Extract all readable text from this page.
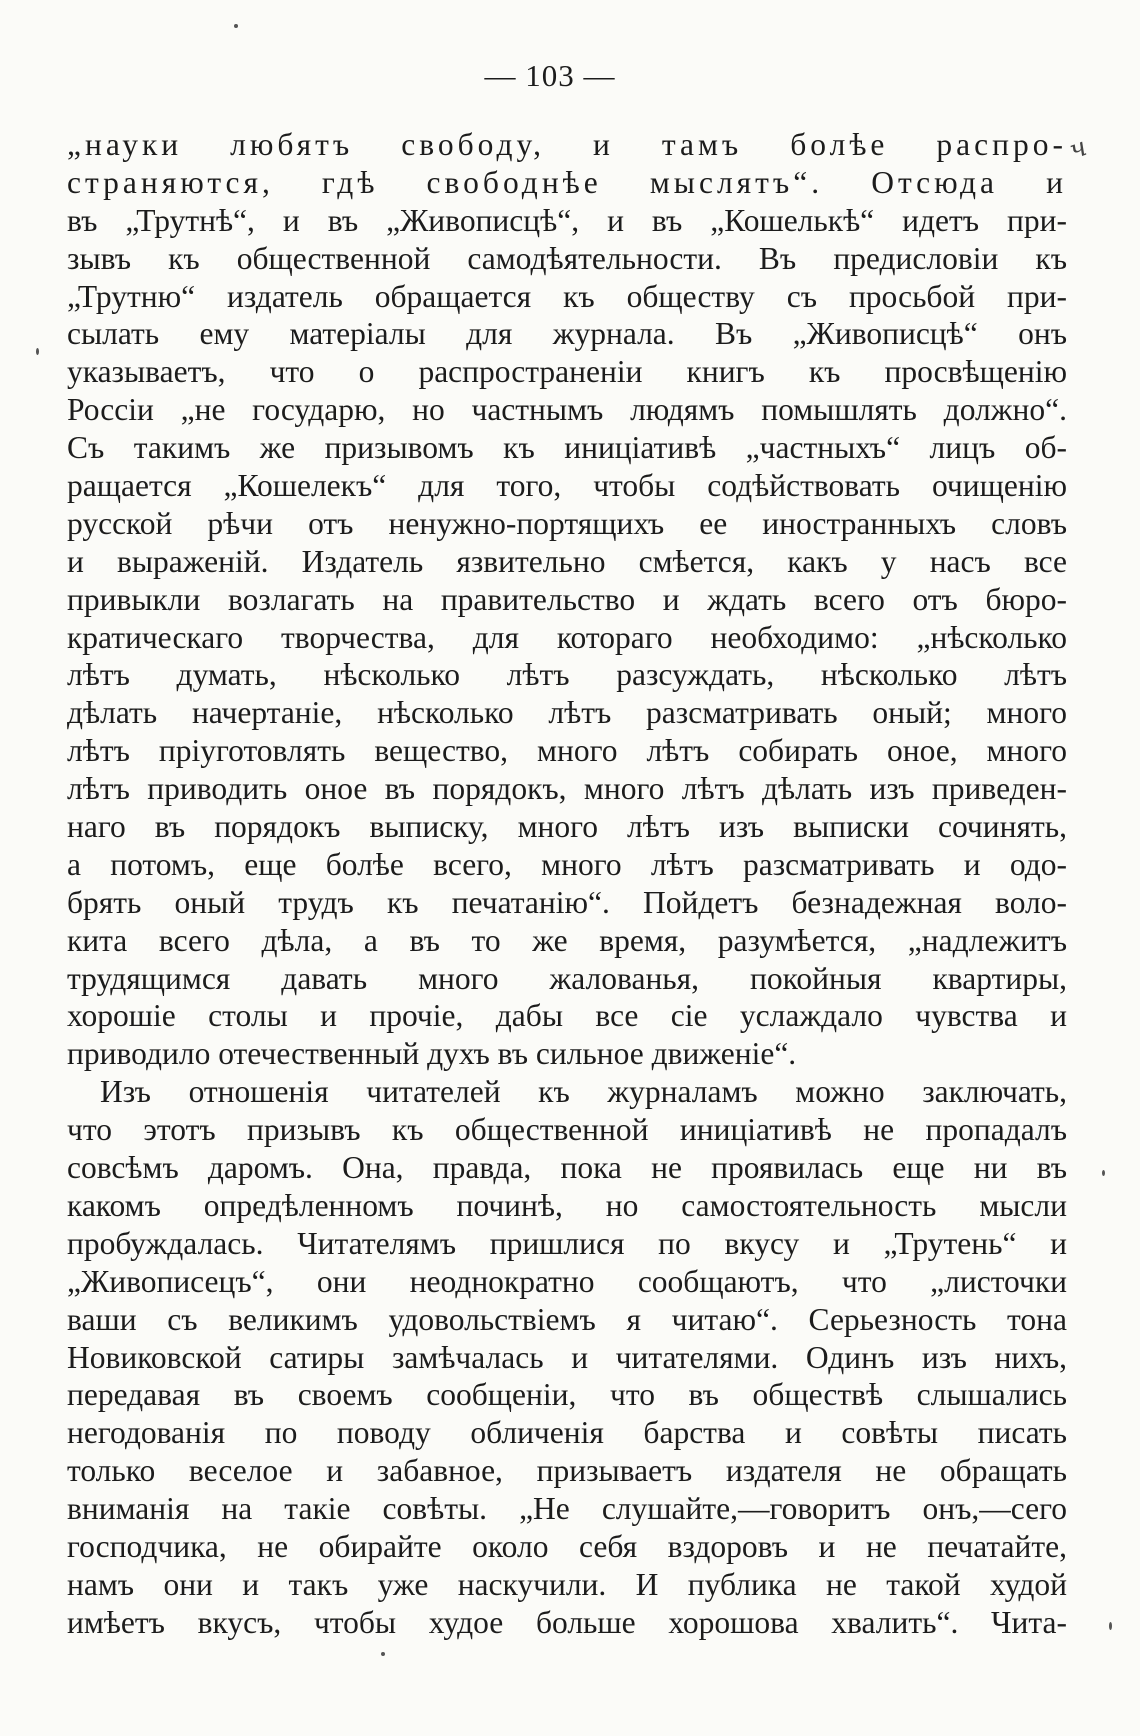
— 103 —
ч
„науки любятъ свободу, и тамъ болѣе распро-
страняются, гдѣ свободнѣе мыслятъ“. Отсюда и
въ „Трутнѣ“, и въ „Живописцѣ“, и въ „Кошелькѣ“ идетъ при-
зывъ къ общественной самодѣятельности. Въ предисловіи къ
„Трутню“ издатель обращается къ обществу съ просьбой при-
сылать ему матеріалы для журнала. Въ „Живописцѣ“ онъ
указываетъ, что о распространеніи книгъ къ просвѣщенію
Россіи „не государю, но частнымъ людямъ помышлять должно“.
Съ такимъ же призывомъ къ иниціативѣ „частныхъ“ лицъ об-
ращается „Кошелекъ“ для того, чтобы содѣйствовать очищенію
русской рѣчи отъ ненужно-портящихъ ее иностранныхъ словъ
и выраженій. Издатель язвительно смѣется, какъ у насъ все
привыкли возлагать на правительство и ждать всего отъ бюро-
кратическаго творчества, для котораго необходимо: „нѣсколько
лѣтъ думать, нѣсколько лѣтъ разсуждать, нѣсколько лѣтъ
дѣлать начертаніе, нѣсколько лѣтъ разсматривать оный; много
лѣтъ пріуготовлять вещество, много лѣтъ собирать оное, много
лѣтъ приводить оное въ порядокъ, много лѣтъ дѣлать изъ приведен-
наго въ порядокъ выписку, много лѣтъ изъ выписки сочинять,
а потомъ, еще болѣе всего, много лѣтъ разсматривать и одо-
брять оный трудъ къ печатанію“. Пойдетъ безнадежная воло-
кита всего дѣла, а въ то же время, разумѣется, „надлежитъ
трудящимся давать много жалованья, покойныя квартиры,
хорошіе столы и прочіе, дабы все сіе услаждало чувства и
приводило отечественный духъ въ сильное движеніе“.
Изъ отношенія читателей къ журналамъ можно заключать,
что этотъ призывъ къ общественной иниціативѣ не пропадалъ
совсѣмъ даромъ. Она, правда, пока не проявилась еще ни въ
какомъ опредѣленномъ починѣ, но самостоятельность мысли
пробуждалась. Читателямъ пришлися по вкусу и „Трутень“ и
„Живописецъ“, они неоднократно сообщаютъ, что „листочки
ваши съ великимъ удовольствіемъ я читаю“. Серьезность тона
Новиковской сатиры замѣчалась и читателями. Одинъ изъ нихъ,
передавая въ своемъ сообщеніи, что въ обществѣ слышались
негодованія по поводу обличенія барства и совѣты писать
только веселое и забавное, призываетъ издателя не обращать
вниманія на такіе совѣты. „Не слушайте,—говоритъ онъ,—сего
господчика, не обирайте около себя вздоровъ и не печатайте,
намъ они и такъ уже наскучили. И публика не такой худой
имѣетъ вкусъ, чтобы худое больше хорошова хвалить“. Чита-
